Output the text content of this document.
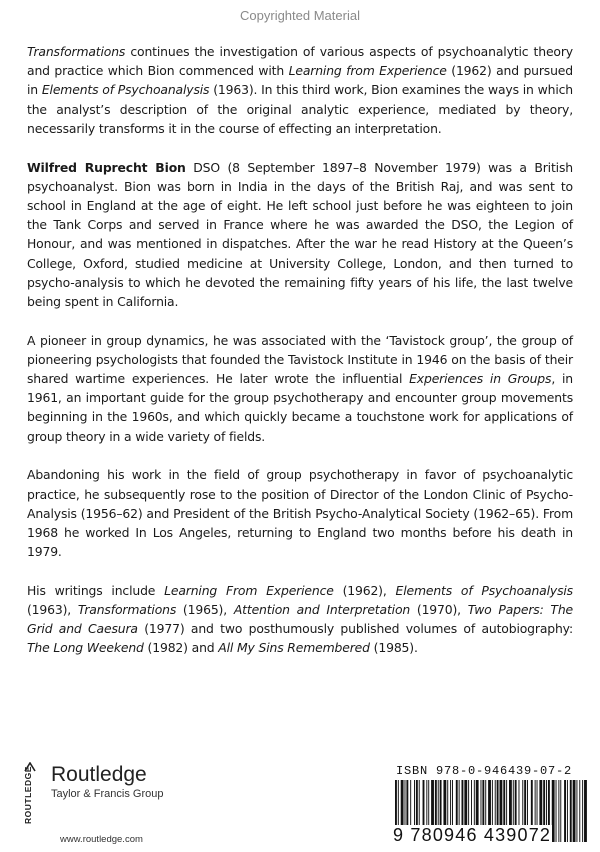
Copyrighted Material

Transformations continues the investigation of various aspects of psychoanalytic theory and practice which Bion commenced with Learning from Experience (1962) and pursued in Elements of Psychoanalysis (1963). In this third work, Bion examines the ways in which the analyst’s description of the original analytic experience, mediated by theory, necessarily transforms it in the course of effecting an interpretation.

Wilfred Ruprecht Bion DSO (8 September 1897–8 November 1979) was a British psychoanalyst. Bion was born in India in the days of the British Raj, and was sent to school in England at the age of eight. He left school just before he was eighteen to join the Tank Corps and served in France where he was awarded the DSO, the Legion of Honour, and was mentioned in dispatches. After the war he read History at the Queen’s College, Oxford, studied medicine at University College, London, and then turned to psycho-analysis to which he devoted the remaining fifty years of his life, the last twelve being spent in California.

A pioneer in group dynamics, he was associated with the ‘Tavistock group’, the group of pioneering psychologists that founded the Tavistock Institute in 1946 on the basis of their shared wartime experiences. He later wrote the influential Experiences in Groups, in 1961, an important guide for the group psychotherapy and encounter group movements beginning in the 1960s, and which quickly became a touchstone work for applications of group theory in a wide variety of fields.

Abandoning his work in the field of group psychotherapy in favor of psychoanalytic practice, he subsequently rose to the position of Director of the London Clinic of Psycho-Analysis (1956–62) and President of the British Psycho-Analytical Society (1962–65). From 1968 he worked In Los Angeles, returning to England two months before his death in 1979.

His writings include Learning From Experience (1962), Elements of Psychoanalysis (1963), Transformations (1965), Attention and Interpretation (1970), Two Papers: The Grid and Caesura (1977) and two posthumously published volumes of autobiography: The Long Weekend (1982) and All My Sins Remembered (1985).

ROUTLEDGE Routledge
Taylor & Francis Group
www.routledge.com
ISBN 978-0-946439-07-2
9 780946 439072
